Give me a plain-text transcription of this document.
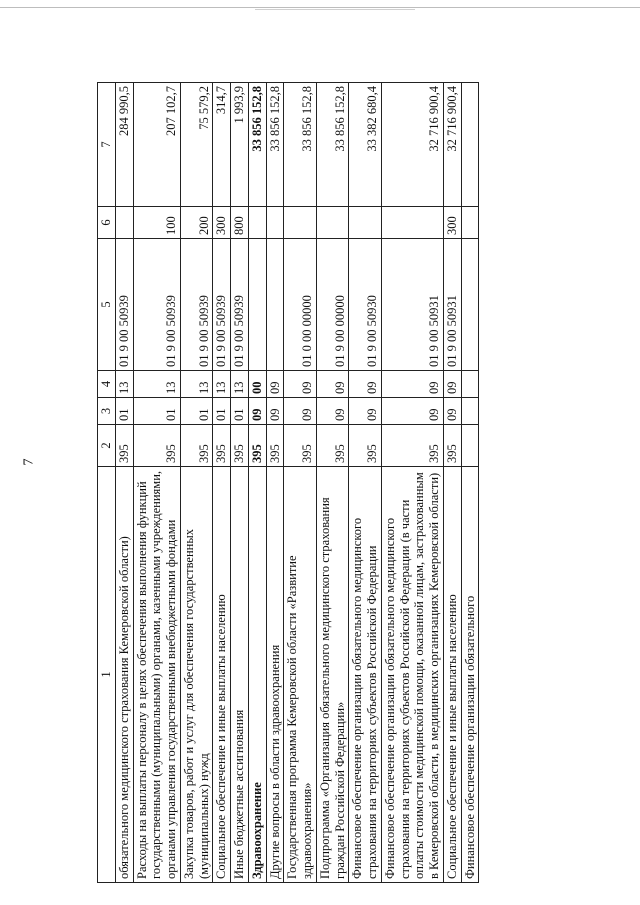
7
1	2	3	4	5	6	7
обязательного медицинского страхования Кемеровской области)	395	01	13	01 9 00 50939		284 990,5
Расходы на выплаты персоналу в целях обеспечения выполнения функций государственными (муниципальными) органами, казенными учреждениями, органами управления государственными внебюджетными фондами	395	01	13	01 9 00 50939	100	207 102,7
Закупка товаров, работ и услуг для обеспечения государственных (муниципальных) нужд	395	01	13	01 9 00 50939	200	75 579,2
Социальное обеспечение и иные выплаты населению	395	01	13	01 9 00 50939	300	314,7
Иные бюджетные ассигнования	395	01	13	01 9 00 50939	800	1 993,9
Здравоохранение	395	09	00			33 856 152,8
Другие вопросы в области здравоохранения	395	09	09			33 856 152,8
Государственная программа Кемеровской области «Развитие здравоохранения»	395	09	09	01 0 00 00000		33 856 152,8
Подпрограмма «Организация обязательного медицинского страхования граждан Российской Федерации»	395	09	09	01 9 00 00000		33 856 152,8
Финансовое обеспечение организации обязательного медицинского страхования на территориях субъектов Российской Федерации	395	09	09	01 9 00 50930		33 382 680,4
Финансовое обеспечение организации обязательного медицинского страхования на территориях субъектов Российской Федерации (в части оплаты стоимости медицинской помощи, оказанной лицам, застрахованным в Кемеровской области, в медицинских организациях Кемеровской области)	395	09	09	01 9 00 50931		32 716 900,4
Социальное обеспечение и иные выплаты населению	395	09	09	01 9 00 50931	300	32 716 900,4
Финансовое обеспечение организации обязательного						
